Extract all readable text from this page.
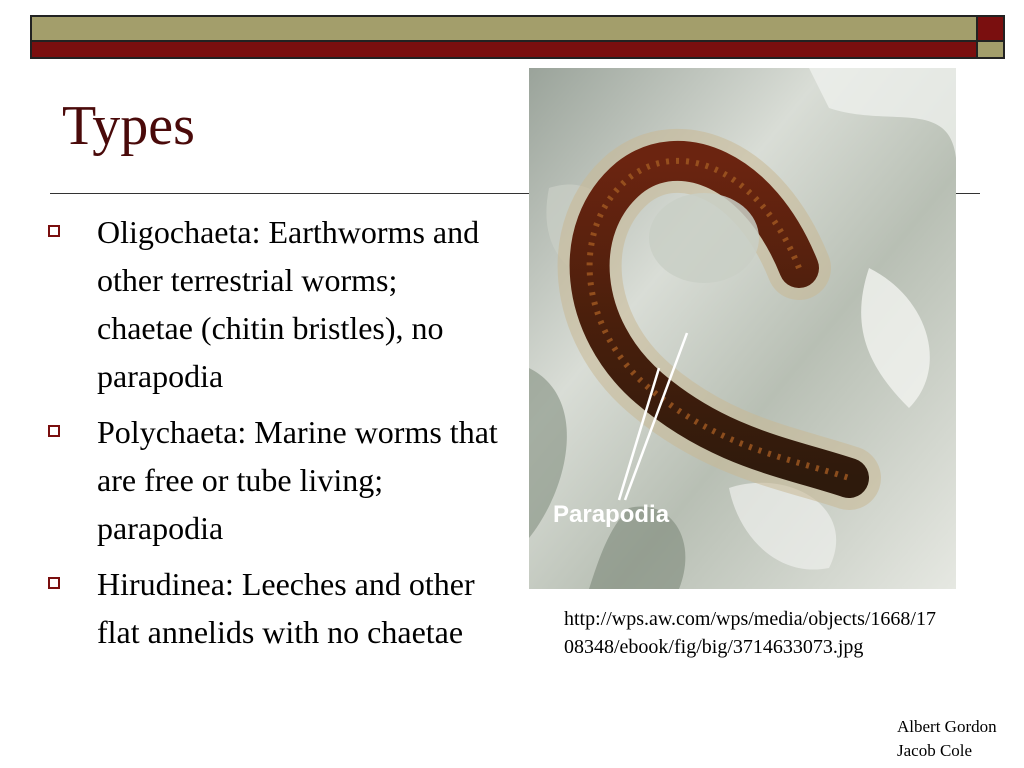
Types
Oligochaeta: Earthworms and other terrestrial worms; chaetae (chitin bristles), no parapodia
Polychaeta: Marine worms that are free or tube living; parapodia
Hirudinea: Leeches and other flat annelids with no chaetae
Parapodia

http://wps.aw.com/wps/media/objects/1668/1708348/ebook/fig/big/3714633073.jpg

Albert Gordon
Jacob Cole
